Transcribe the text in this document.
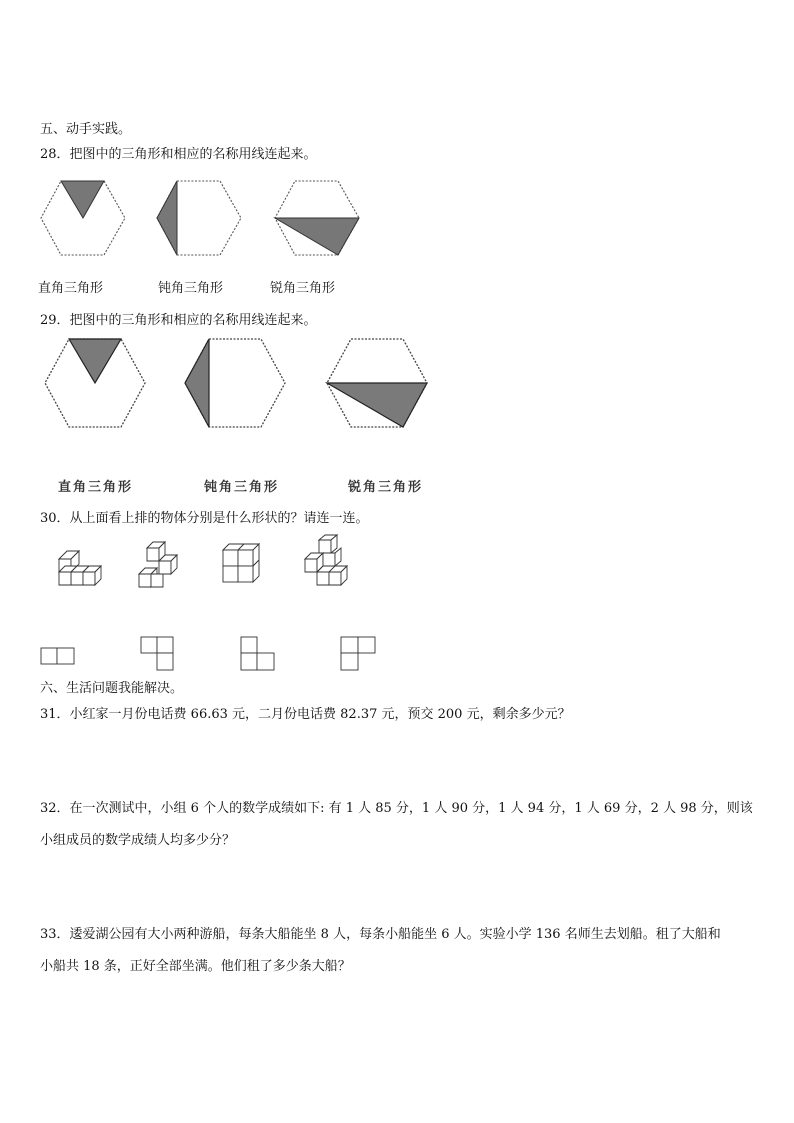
五、动手实践。
28．把图中的三角形和相应的名称用线连起来。
直角三角形	钝角三角形	锐角三角形
29．把图中的三角形和相应的名称用线连起来。
直角三角形	钝角三角形	锐角三角形
30．从上面看上排的物体分别是什么形状的？请连一连。
六、生活问题我能解决。
31．小红家一月份电话费 66.63 元，二月份电话费 82.37 元，预交 200 元，剩余多少元？
32．在一次测试中，小组 6 个人的数学成绩如下: 有 1 人 85 分，1 人 90 分，1 人 94 分，1 人 69 分，2 人 98 分，则该
小组成员的数学成绩人均多少分？
33．逶爱湖公园有大小两种游船，每条大船能坐 8 人，每条小船能坐 6 人。实验小学 136 名师生去划船。租了大船和
小船共 18 条，正好全部坐满。他们租了多少条大船？
